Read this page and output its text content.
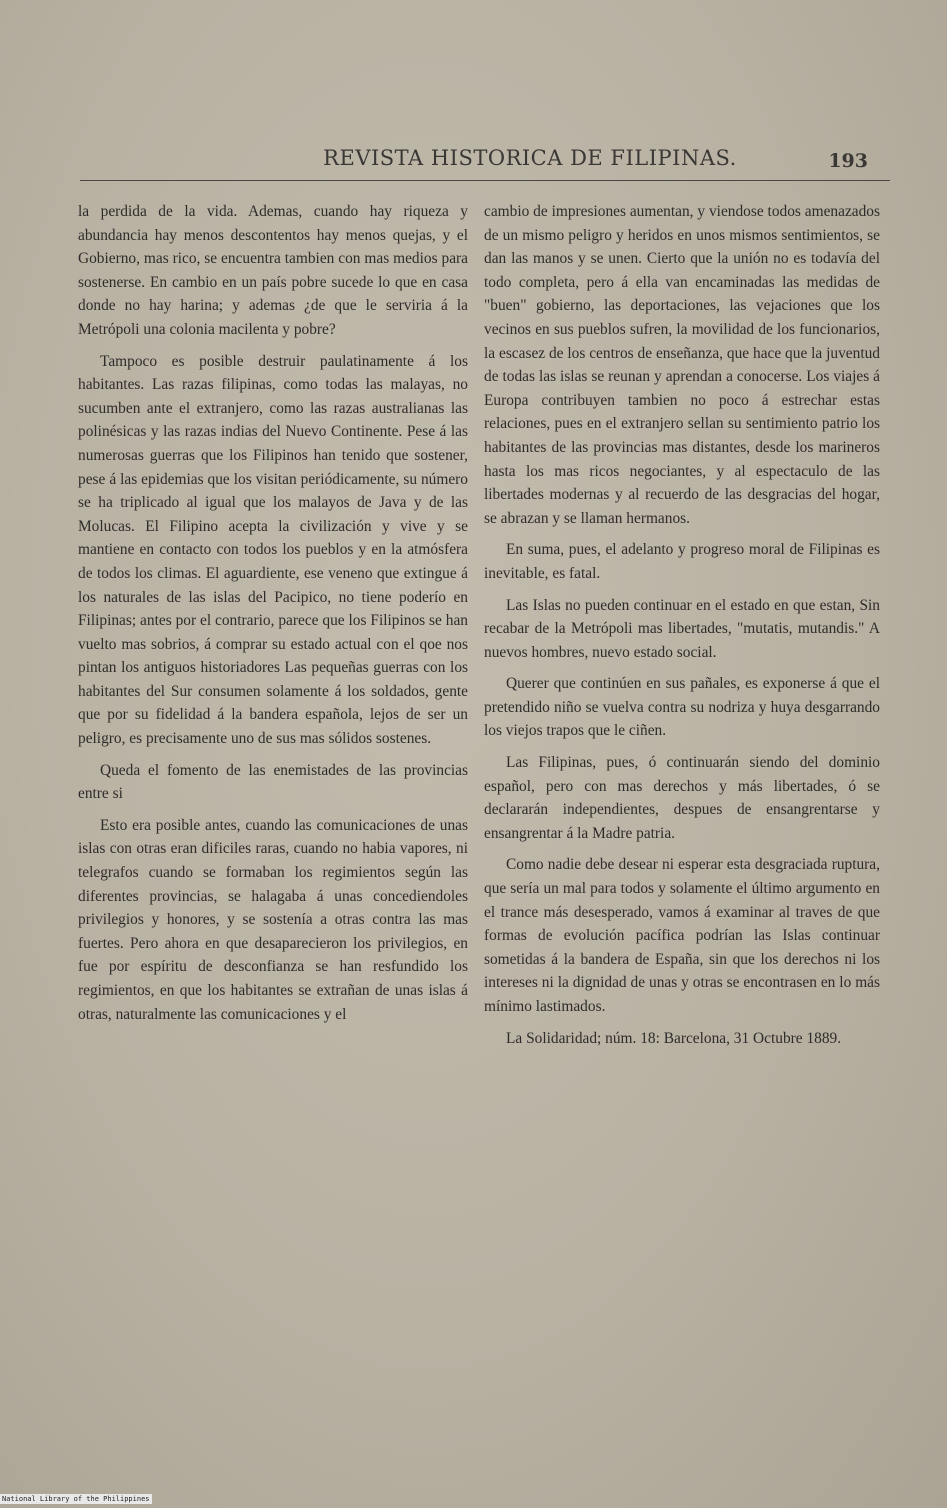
REVISTA HISTORICA DE FILIPINAS.	193

la perdida de la vida. Ademas, cuando hay riqueza y abundancia hay menos descontentos hay menos quejas, y el Gobierno, mas rico, se encuentra tambien con mas medios para sostenerse. En cambio en un país pobre sucede lo que en casa donde no hay harina; y ademas ¿de que le serviria á la Metrópoli una colonia macilenta y pobre?

Tampoco es posible destruir paulatinamente á los habitantes. Las razas filipinas, como todas las malayas, no sucumben ante el extranjero, como las razas australianas las polinésicas y las razas indias del Nuevo Continente. Pese á las numerosas guerras que los Filipinos han tenido que sostener, pese á las epidemias que los visitan periódicamente, su número se ha triplicado al igual que los malayos de Java y de las Molucas. El Filipino acepta la civilización y vive y se mantiene en contacto con todos los pueblos y en la atmósfera de todos los climas. El aguardiente, ese veneno que extingue á los naturales de las islas del Pacipico, no tiene poderío en Filipinas; antes por el contrario, parece que los Filipinos se han vuelto mas sobrios, á comprar su estado actual con el qoe nos pintan los antiguos historiadores Las pequeñas guerras con los habitantes del Sur consumen solamente á los soldados, gente que por su fidelidad á la bandera española, lejos de ser un peligro, es precisamente uno de sus mas sólidos sostenes.

Queda el fomento de las enemistades de las provincias entre si

Esto era posible antes, cuando las comunicaciones de unas islas con otras eran dificiles raras, cuando no habia vapores, ni telegrafos cuando se formaban los regimientos según las diferentes provincias, se halagaba á unas concediendoles privilegios y honores, y se sostenía a otras contra las mas fuertes. Pero ahora en que desaparecieron los privilegios, en fue por espíritu de desconfianza se han resfundido los regimientos, en que los habitantes se extrañan de unas islas á otras, naturalmente las comunicaciones y el

cambio de impresiones aumentan, y viendose todos amenazados de un mismo peligro y heridos en unos mismos sentimientos, se dan las manos y se unen. Cierto que la unión no es todavía del todo completa, pero á ella van encaminadas las medidas de "buen" gobierno, las deportaciones, las vejaciones que los vecinos en sus pueblos sufren, la movilidad de los funcionarios, la escasez de los centros de enseñanza, que hace que la juventud de todas las islas se reunan y aprendan a conocerse. Los viajes á Europa contribuyen tambien no poco á estrechar estas relaciones, pues en el extranjero sellan su sentimiento patrio los habitantes de las provincias mas distantes, desde los marineros hasta los mas ricos negociantes, y al espectaculo de las libertades modernas y al recuerdo de las desgracias del hogar, se abrazan y se llaman hermanos.

En suma, pues, el adelanto y progreso moral de Filipinas es inevitable, es fatal.

Las Islas no pueden continuar en el estado en que estan, Sin recabar de la Metrópoli mas libertades, "mutatis, mutandis." A nuevos hombres, nuevo estado social.

Querer que continúen en sus pañales, es exponerse á que el pretendido niño se vuelva contra su nodriza y huya desgarrando los viejos trapos que le ciñen.

Las Filipinas, pues, ó continuarán siendo del dominio español, pero con mas derechos y más libertades, ó se declararán independientes, despues de ensangrentarse y ensangrentar á la Madre patria.

Como nadie debe desear ni esperar esta desgraciada ruptura, que sería un mal para todos y solamente el último argumento en el trance más desesperado, vamos á examinar al traves de que formas de evolución pacífica podrían las Islas continuar sometidas á la bandera de España, sin que los derechos ni los intereses ni la dignidad de unas y otras se encontrasen en lo más mínimo lastimados.

La Solidaridad; núm. 18: Barcelona, 31 Octubre 1889.

National Library of the Philippines
